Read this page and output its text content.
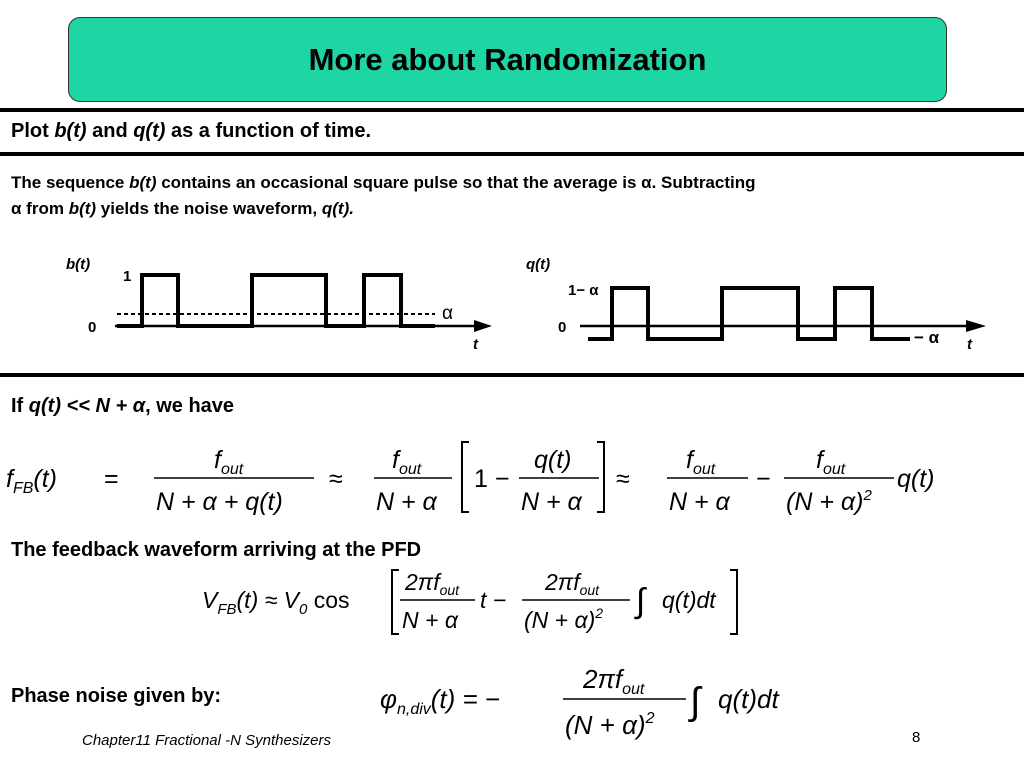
More about Randomization
Plot b(t) and q(t) as a function of time.
The sequence b(t) contains an occasional square pulse so that the average is α. Subtracting
α from b(t) yields the noise waveform, q(t).
b(t)
1
0
α
t
q(t)
1− α
0
− α t
If q(t) << N + α, we have
$f_{FB}(t)$ =
$f_{out}$
N + α + q(t)
≈
$f_{out}$
N + α
1 −
q(t)
N + α
≈
$f_{out}$
N + α
−
$f_{out}$
$(N + \alpha)^2$
q(t)
The feedback waveform arriving at the PFD
$V_{FB}(t) \approx V_0$ cos
$2\pi f_{out}$
N + α
t −
$2\pi f_{out}$
$(N + \alpha)^2$ ∫ q(t)dt
Phase noise given by:	$\varphi_{n,div}(t)$ = −
$2\pi f_{out}$
$(N + \alpha)^2$ ∫ q(t)dt
Chapter11 Fractional -N Synthesizers	8
